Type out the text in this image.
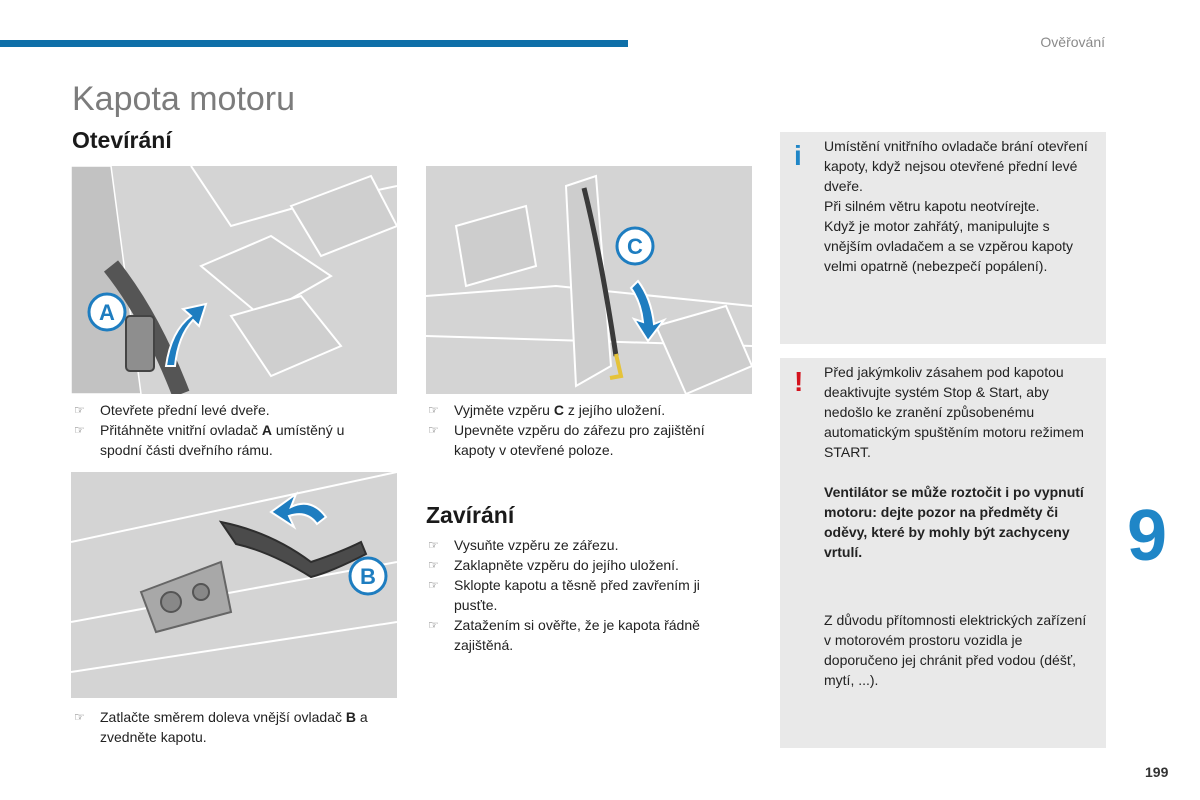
Ověřování
Kapota motoru
Otevírání
A
C
☞ Otevřete přední levé dveře.
☞ Přitáhněte vnitřní ovladač A umístěný u spodní části dveřního rámu.
☞ Vyjměte vzpěru C z jejího uložení.
☞ Upevněte vzpěru do zářezu pro zajištění kapoty v otevřené poloze.
B
☞ Zatlačte směrem doleva vnější ovladač B a zvedněte kapotu.
Zavírání
☞ Vysuňte vzpěru ze zářezu.
☞ Zaklapněte vzpěru do jejího uložení.
☞ Sklopte kapotu a těsně před zavřením ji pusťte.
☞ Zatažením si ověřte, že je kapota řádně zajištěná.
i Umístění vnitřního ovladače brání otevření kapoty, když nejsou otevřené přední levé dveře.

Při silném větru kapotu neotvírejte.

Když je motor zahřátý, manipulujte s vnějším ovladačem a se vzpěrou kapoty velmi opatrně (nebezpečí popálení).

! Před jakýmkoliv zásahem pod kapotou deaktivujte systém Stop & Start, aby nedošlo ke zranění způsobenému automatickým spuštěním motoru režimem START.

Ventilátor se může roztočit i po vypnutí motoru: dejte pozor na předměty či oděvy, které by mohly být zachyceny vrtulí.

Z důvodu přítomnosti elektrických zařízení v motorovém prostoru vozidla je doporučeno jej chránit před vodou (déšť, mytí, ...).

9
199
